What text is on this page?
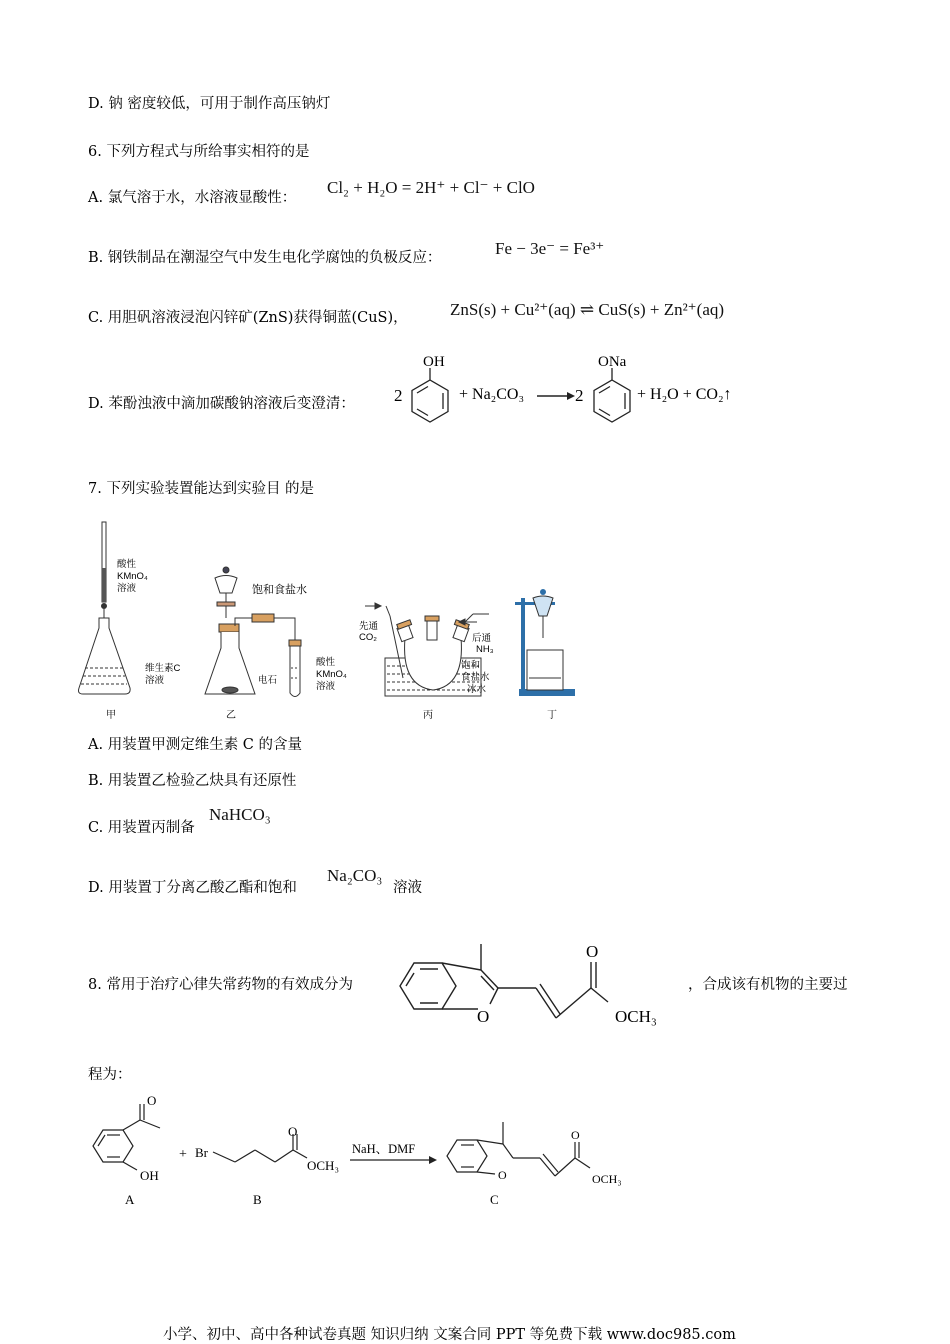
D. 钠 密度较低，可用于制作高压钠灯
6. 下列方程式与所给事实相符的是
A. 氯气溶于水，水溶液显酸性：
Cl₂ + H₂O = 2H⁺ + Cl⁻ + ClO
B. 钢铁制品在潮湿空气中发生电化学腐蚀的负极反应：	Fe − 3e⁻ = Fe³⁺
C. 用胆矾溶液浸泡闪锌矿(ZnS)获得铜蓝(CuS)， ZnS(s) + Cu²⁺(aq) ⇌ CuS(s) + Zn²⁺(aq)
D. 苯酚浊液中滴加碳酸钠溶液后变澄清： 2
OH
+ Na₂CO₃ → 2
ONa
+ H₂O + CO₂↑
7. 下列实验装置能达到实验目 的是
酸性
KMnO₄
溶液
维生素C
溶液
饱和食盐水
电石
酸性
KMnO₄
溶液
先通
CO₂	后通
NH₃
饱和
食盐水
冰水
甲	乙	丙	丁
A. 用装置甲测定维生素 C 的含量
B. 用装置乙检验乙炔具有还原性
C. 用装置丙制备
NaHCO₃
D. 用装置丁分离乙酸乙酯和饱和
Na₂CO₃
溶液
8. 常用于治疗心律失常药物的有效成分为
O
O
OCH₃
，合成该有机物的主要过
程为：
O
OH
A
+ Br
O
OCH₃
B
NaH、DMF
O
O
OCH₃
C
小学、初中、高中各种试卷真题 知识归纳 文案合同 PPT 等免费下载 www.doc985.com
